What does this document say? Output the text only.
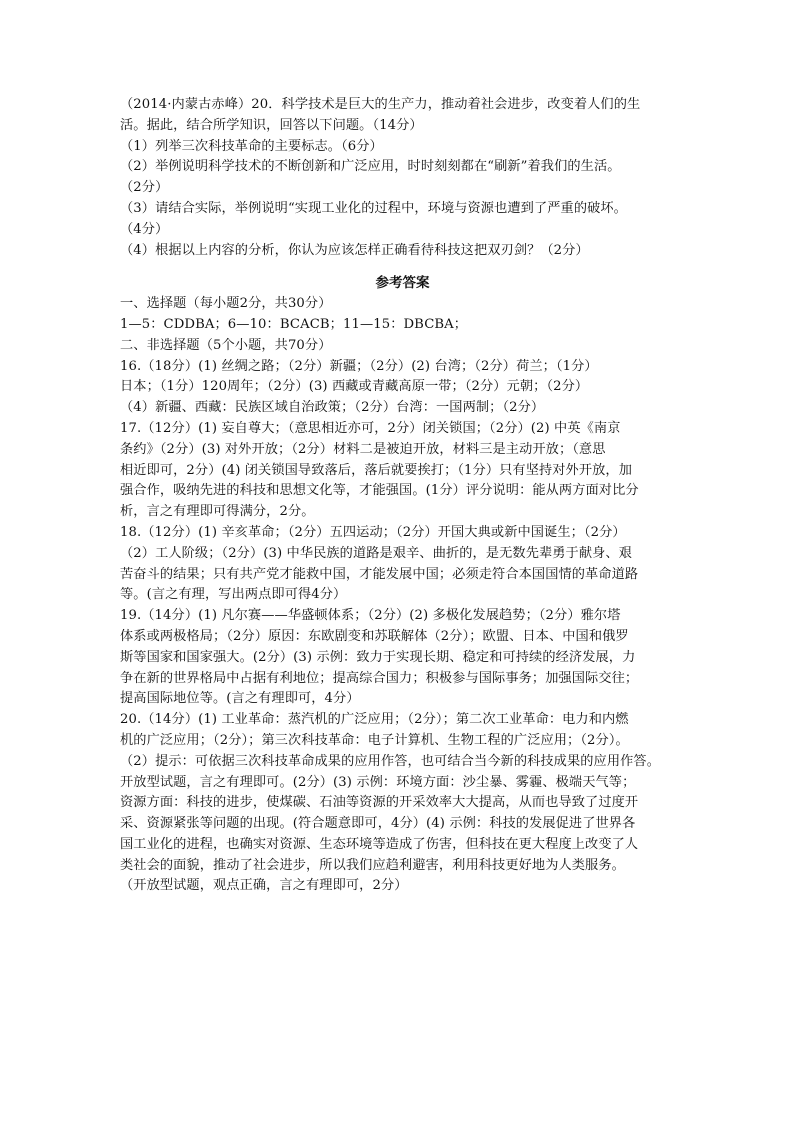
（2014·内蒙古赤峰）20．科学技术是巨大的生产力，推动着社会进步，改变着人们的生
活。据此，结合所学知识，回答以下问题。（14分）
（1）列举三次科技革命的主要标志。（6分）
（2）举例说明科学技术的不断创新和广泛应用，时时刻刻都在“刷新”着我们的生活。
（2分）
（3）请结合实际，举例说明“实现工业化的过程中，环境与资源也遭到了严重的破坏。
（4分）
（4）根据以上内容的分析，你认为应该怎样正确看待科技这把双刃剑？（2分）
参考答案
一、选择题（每小题2分，共30分）
1—5：CDDBA；6—10：BCACB；11—15：DBCBA；
二、非选择题（5个小题，共70分）
16.（18分）(1) 丝绸之路；（2分）新疆；（2分）(2) 台湾；（2分）荷兰；（1分）
日本；（1分）120周年；（2分）(3) 西藏或青藏高原一带；（2分）元朝；（2分）
（4）新疆、西藏：民族区域自治政策；（2分）台湾：一国两制；（2分）
17.（12分）(1) 妄自尊大；（意思相近亦可，2分）闭关锁国；（2分）(2) 中英《南京
条约》（2分）(3) 对外开放；（2分）材料二是被迫开放，材料三是主动开放；（意思
相近即可，2分）(4) 闭关锁国导致落后，落后就要挨打；（1分）只有坚持对外开放，加
强合作，吸纳先进的科技和思想文化等，才能强国。(1分）评分说明：能从两方面对比分
析，言之有理即可得满分，2分。
18.（12分）(1) 辛亥革命；（2分）五四运动；（2分）开国大典或新中国诞生；（2分）
（2）工人阶级；（2分）(3) 中华民族的道路是艰辛、曲折的，是无数先辈勇于献身、艰
苦奋斗的结果；只有共产党才能救中国，才能发展中国；必须走符合本国国情的革命道路
等。(言之有理，写出两点即可得4分）
19.（14分）(1) 凡尔赛——华盛顿体系；（2分）(2) 多极化发展趋势；（2分）雅尔塔
体系或两极格局；（2分）原因：东欧剧变和苏联解体（2分）；欧盟、日本、中国和俄罗
斯等国家和国家强大。(2分）(3) 示例：致力于实现长期、稳定和可持续的经济发展，力
争在新的世界格局中占据有利地位；提高综合国力；积极参与国际事务；加强国际交往；
提高国际地位等。(言之有理即可，4分）
20.（14分）(1) 工业革命：蒸汽机的广泛应用；（2分）；第二次工业革命：电力和内燃
机的广泛应用；（2分）；第三次科技革命：电子计算机、生物工程的广泛应用；（2分）。
（2）提示：可依据三次科技革命成果的应用作答，也可结合当今新的科技成果的应用作答。
开放型试题，言之有理即可。(2分）(3) 示例：环境方面：沙尘暴、雾霾、极端天气等；
资源方面：科技的进步，使煤碳、石油等资源的开采效率大大提高，从而也导致了过度开
采、资源紧张等问题的出现。(符合题意即可，4分）(4) 示例：科技的发展促进了世界各
国工业化的进程，也确实对资源、生态环境等造成了伤害，但科技在更大程度上改变了人
类社会的面貌，推动了社会进步，所以我们应趋利避害，利用科技更好地为人类服务。
（开放型试题，观点正确，言之有理即可，2分）
